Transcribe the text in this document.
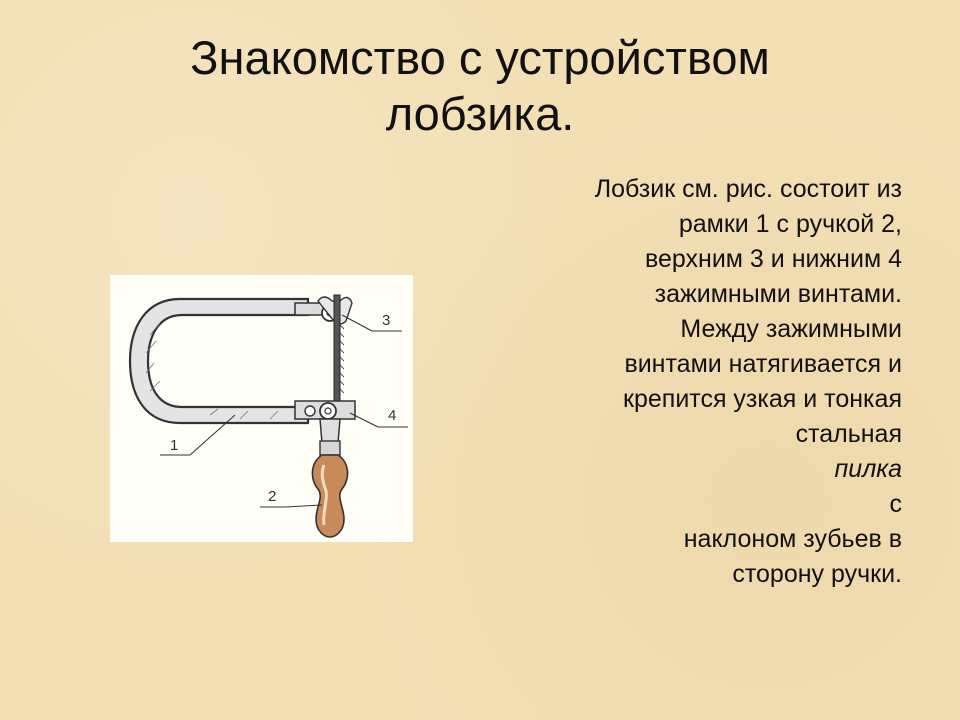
Знакомство с устройством
лобзика.
Лобзик см. рис. состоит из
рамки 1 с ручкой 2,
верхним 3 и нижним 4
зажимными винтами.
Между зажимными
винтами натягивается и
крепится узкая и тонкая
стальная
пилка
с
наклоном зубьев в
сторону ручки.
3
4
1
2
